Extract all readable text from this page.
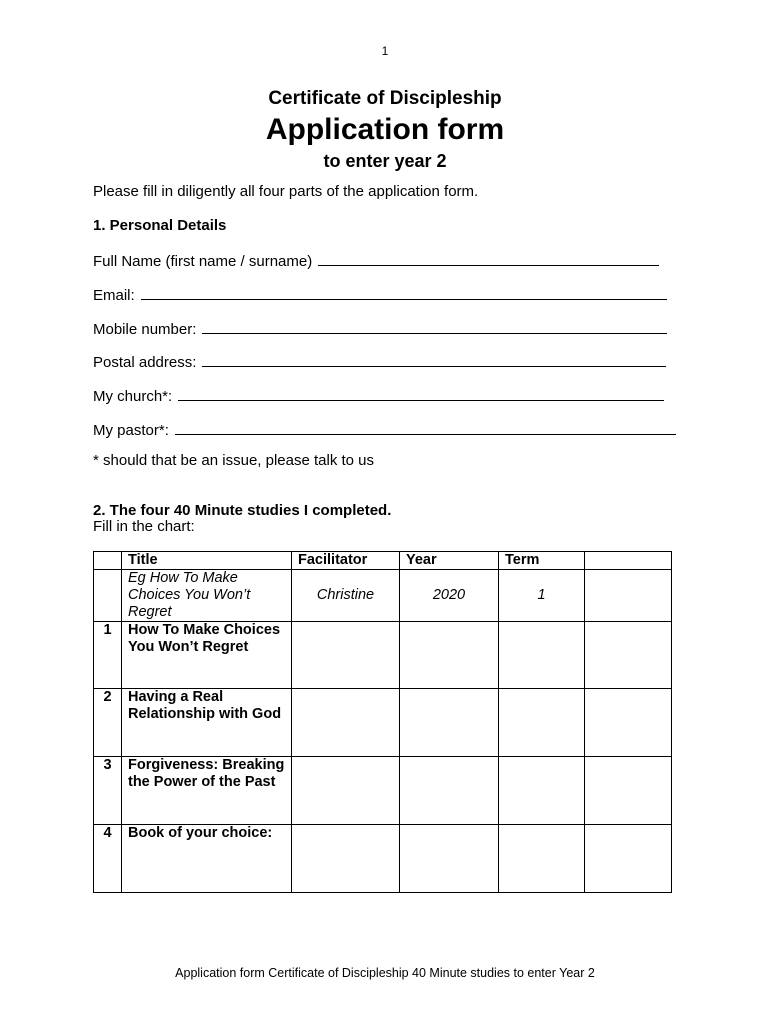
1
Certificate of Discipleship
Application form
to enter year 2
Please fill in diligently all four parts of the application form.
1. Personal Details
Full Name (first name / surname)
Email:
Mobile number:
Postal address:
My church*:
My pastor*:
* should that be an issue, please talk to us
2. The four 40 Minute studies I completed.
Fill in the chart:
	Title	Facilitator	Year	Term	
	Eg How To Make Choices You Won’t Regret	Christine	2020	1	
1	How To Make Choices You Won’t Regret				
2	Having a Real Relationship with God				
3	Forgiveness: Breaking the Power of the Past				
4	Book of your choice:				
Application form Certificate of Discipleship 40 Minute studies to enter Year 2
